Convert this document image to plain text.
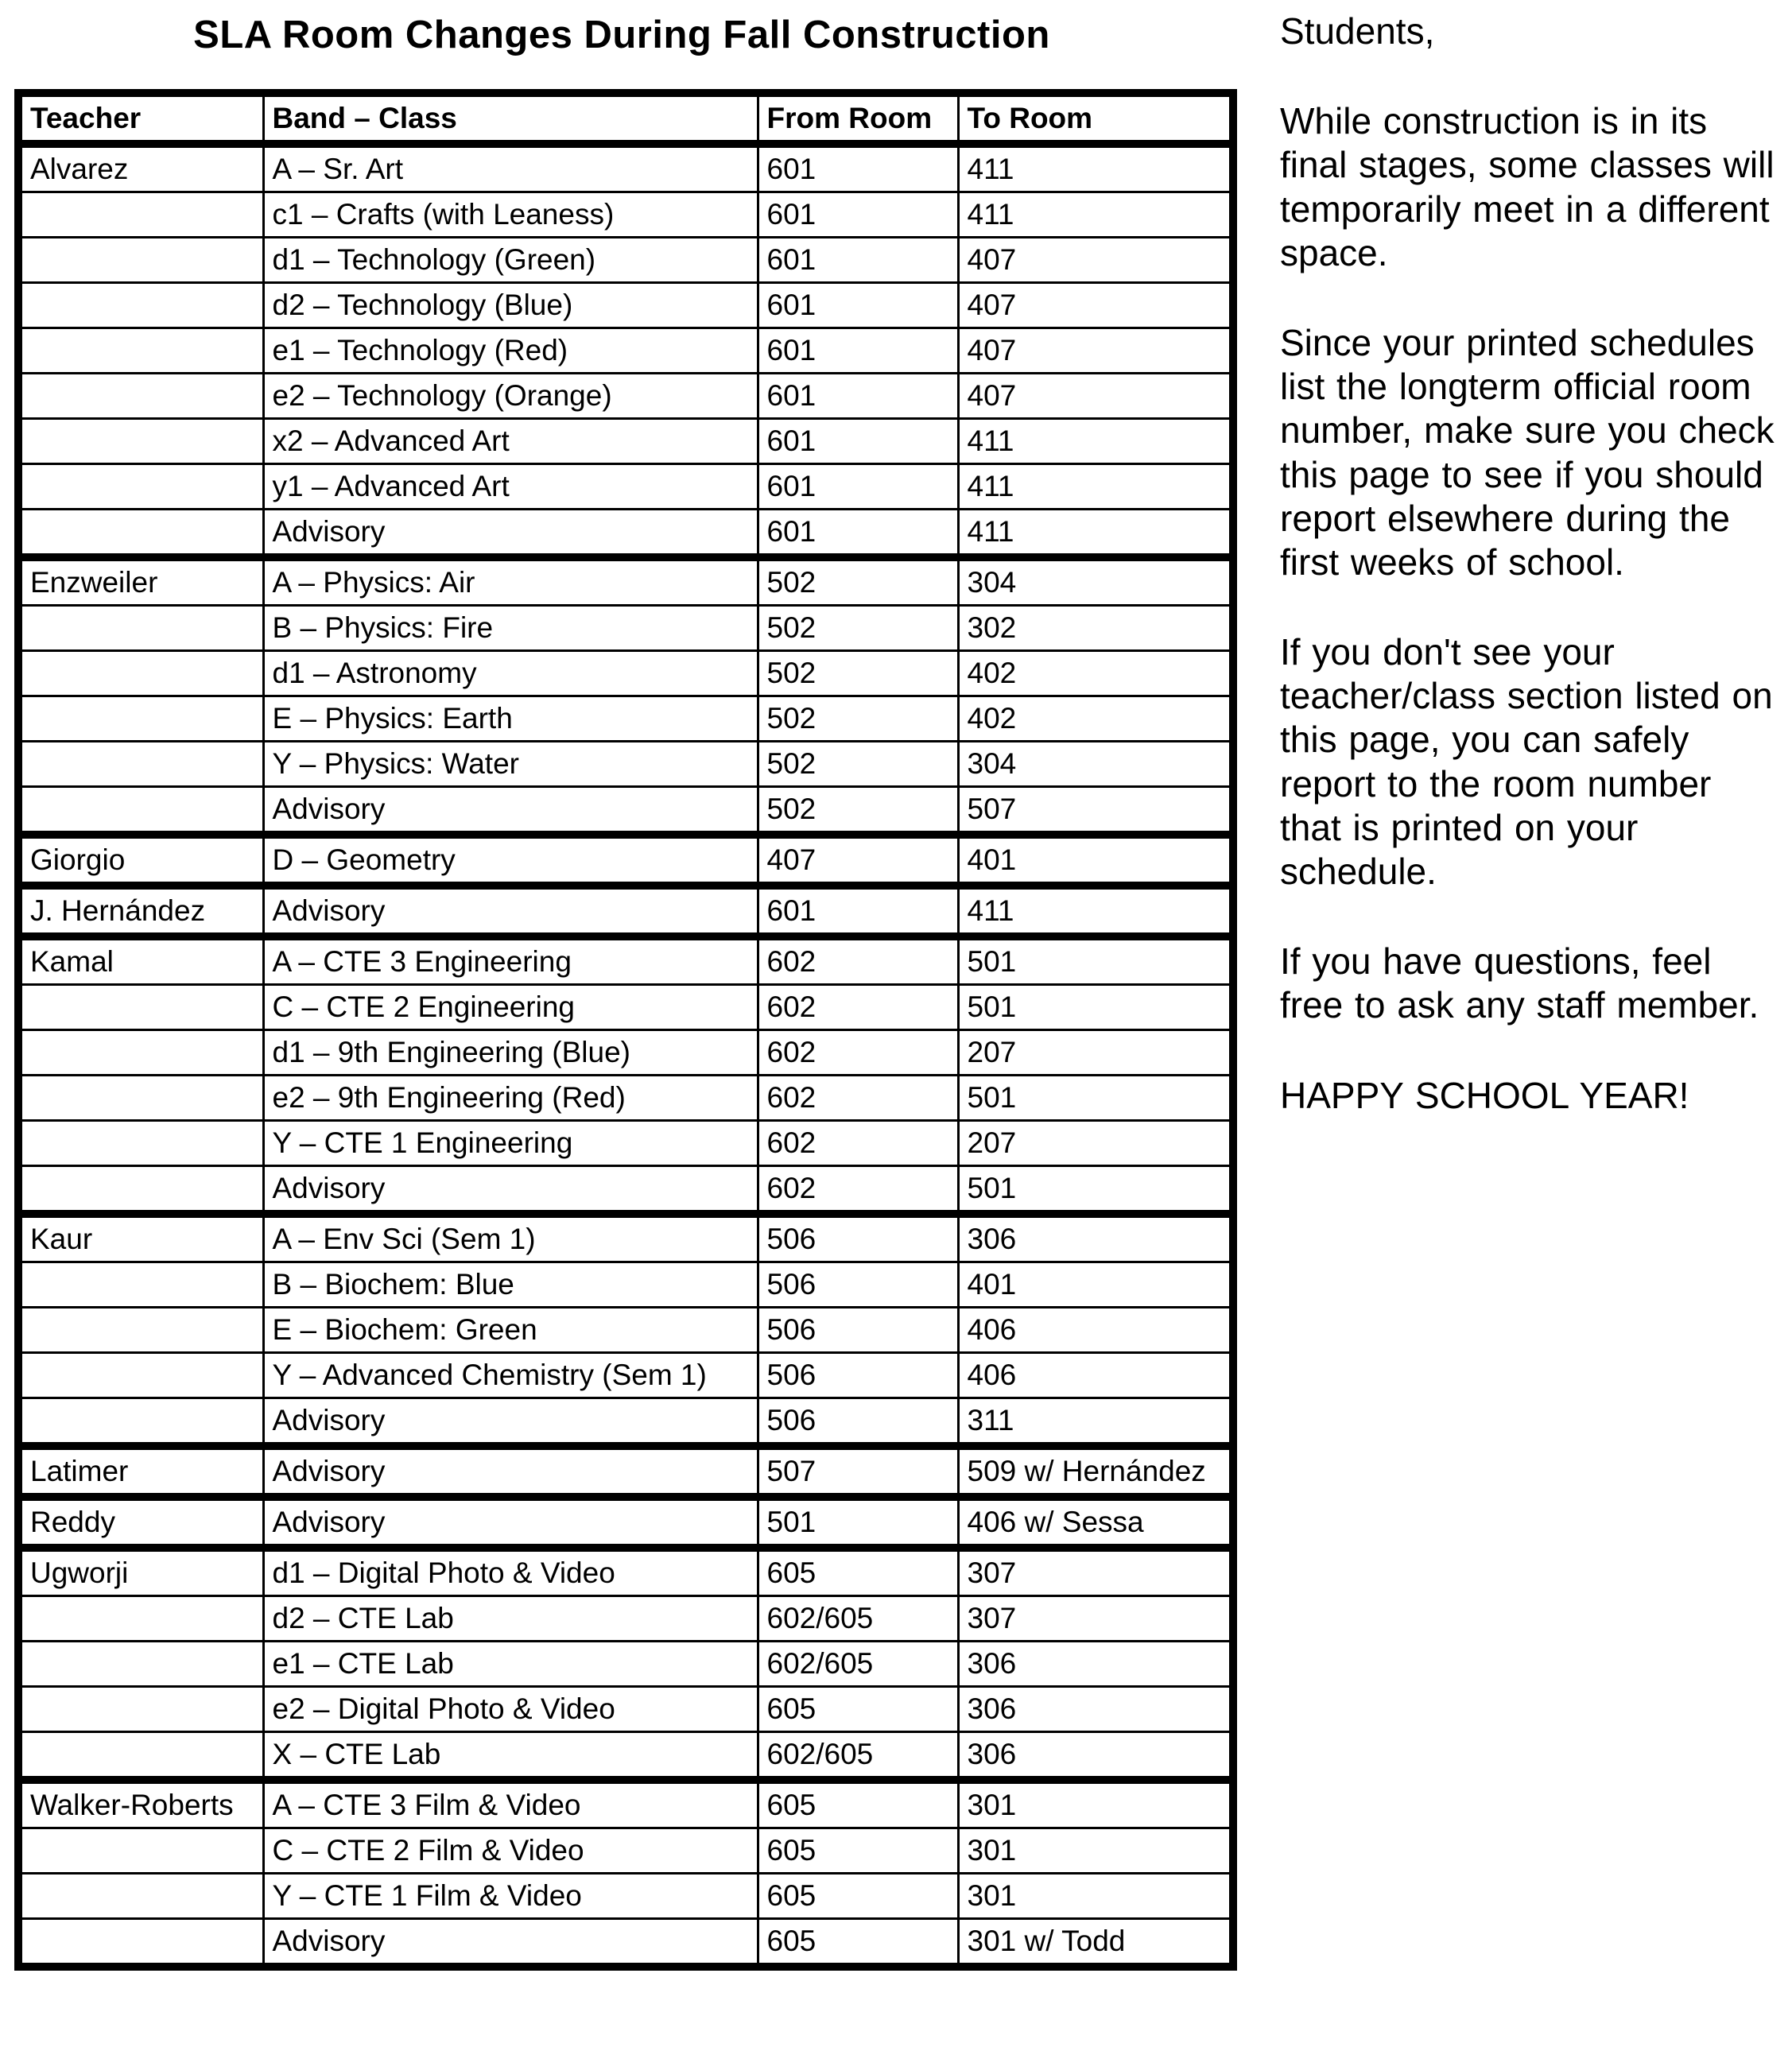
SLA Room Changes During Fall Construction
Teacher	Band – Class	From Room	To Room
Alvarez	A – Sr. Art	601	411
	c1 – Crafts (with Leaness)	601	411
	d1 – Technology (Green)	601	407
	d2 – Technology (Blue)	601	407
	e1 – Technology (Red)	601	407
	e2 – Technology (Orange)	601	407
	x2 – Advanced Art	601	411
	y1 – Advanced Art	601	411
	Advisory	601	411
Enzweiler	A – Physics: Air	502	304
	B – Physics: Fire	502	302
	d1 – Astronomy	502	402
	E – Physics: Earth	502	402
	Y – Physics: Water	502	304
	Advisory	502	507
Giorgio	D – Geometry	407	401
J. Hernández	Advisory	601	411
Kamal	A – CTE 3 Engineering	602	501
	C – CTE 2 Engineering	602	501
	d1 – 9th Engineering (Blue)	602	207
	e2 – 9th Engineering (Red)	602	501
	Y – CTE 1 Engineering	602	207
	Advisory	602	501
Kaur	A – Env Sci (Sem 1)	506	306
	B – Biochem: Blue	506	401
	E – Biochem: Green	506	406
	Y – Advanced Chemistry (Sem 1)	506	406
	Advisory	506	311
Latimer	Advisory	507	509 w/ Hernández
Reddy	Advisory	501	406 w/ Sessa
Ugworji	d1 – Digital Photo & Video	605	307
	d2 – CTE Lab	602/605	307
	e1 – CTE Lab	602/605	306
	e2 – Digital Photo & Video	605	306
	X – CTE Lab	602/605	306
Walker-Roberts	A – CTE 3 Film & Video	605	301
	C – CTE 2 Film & Video	605	301
	Y – CTE 1 Film & Video	605	301
	Advisory	605	301 w/ Todd

Students,

While construction is in its final stages, some classes will temporarily meet in a different space.

Since your printed schedules list the longterm official room number, make sure you check this page to see if you should report elsewhere during the first weeks of school.

If you don't see your teacher/class section listed on this page, you can safely report to the room number that is printed on your schedule.

If you have questions, feel free to ask any staff member.

HAPPY SCHOOL YEAR!
